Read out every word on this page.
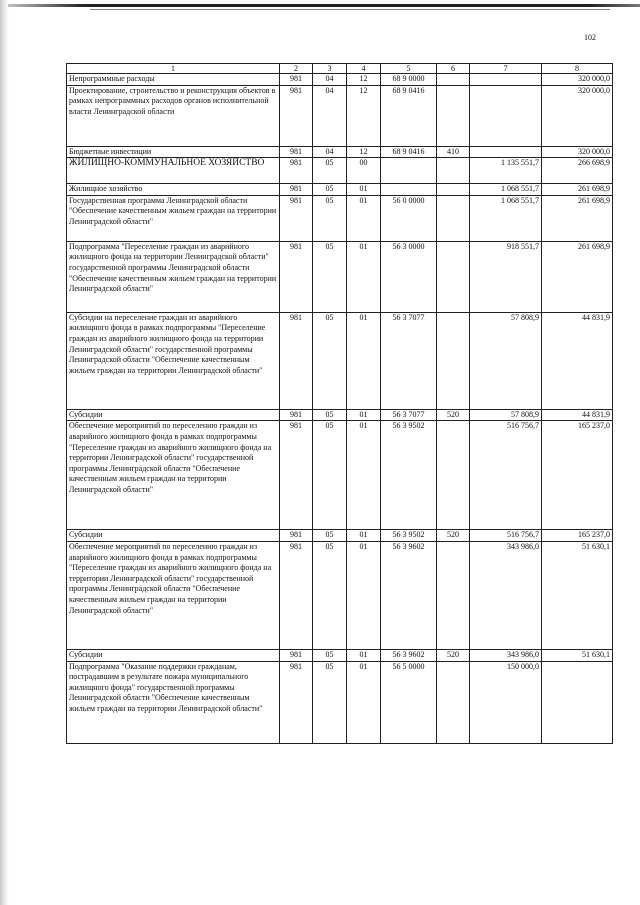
102
1	2	3	4	5	6	7	8
Непрограммные расходы	981	04	12	68 9 0000			320 000,0
Проектирование, строительство и реконструкция объектов в рамках непрограммных расходов органов исполнительной власти Ленинградской области	981	04	12	68 9 0416			320 000,0
Бюджетные инвестиции	981	04	12	68 9 0416	410		320 000,0
ЖИЛИЩНО-КОММУНАЛЬНОЕ ХОЗЯЙСТВО	981	05	00			1 135 551,7	266 698,9
Жилищное хозяйство	981	05	01			1 068 551,7	261 698,9
Государственная программа Ленинградской области "Обеспечение качественным жильем граждан на территории Ленинградской области"	981	05	01	56 0 0000		1 068 551,7	261 698,9
Подпрограмма "Переселение граждан из аварийного жилищного фонда на территории Ленинградской области" государственной программы Ленинградской области "Обеспечение качественным жильем граждан на территории Ленинградской области"	981	05	01	56 3 0000		918 551,7	261 698,9
Субсидии на переселение граждан из аварийного жилищного фонда в рамках подпрограммы "Переселение граждан из аварийного жилищного фонда на территории Ленинградской области" государственной программы Ленинградской области "Обеспечение качественным жильем граждан на территории Ленинградской области"	981	05	01	56 3 7077		57 808,9	44 831,9
Субсидии	981	05	01	56 3 7077	520	57 808,9	44 831,9
Обеспечение мероприятий по переселению граждан из аварийного жилищного фонда в рамках подпрограммы "Переселение граждан из аварийного жилищного фонда на территории Ленинградской области" государственной программы Ленинградской области "Обеспечение качественным жильем граждан на территории Ленинградской области"	981	05	01	56 3 9502		516 756,7	165 237,0
Субсидии	981	05	01	56 3 9502	520	516 756,7	165 237,0
Обеспечение мероприятий по переселению граждан из аварийного жилищного фонда в рамках подпрограммы "Переселение граждан из аварийного жилищного фонда на территории Ленинградской области" государственной программы Ленинградской области "Обеспечение качественным жильем граждан на территории Ленинградской области"	981	05	01	56 3 9602		343 986,0	51 630,1
Субсидии	981	05	01	56 3 9602	520	343 986,0	51 630,1
Подпрограмма "Оказание поддержки гражданам, пострадавшим в результате пожара муниципального жилищного фонда" государственной программы Ленинградской области "Обеспечение качественным жильем граждан на территории Ленинградской области"	981	05	01	56 5 0000		150 000,0	
